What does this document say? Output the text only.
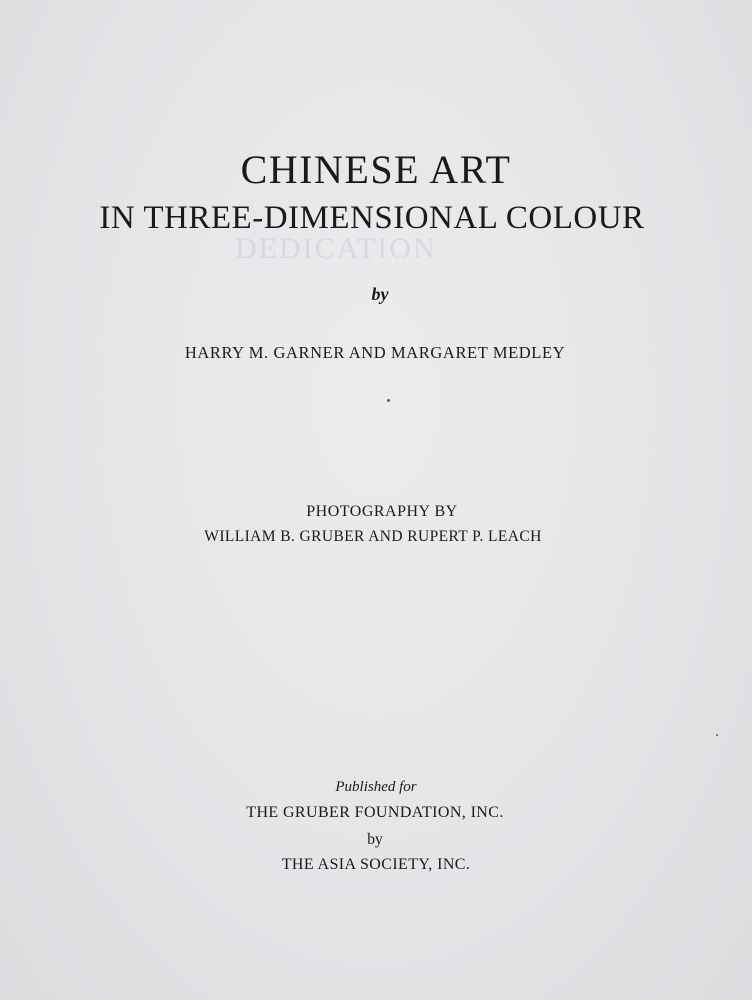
DEDICATION

CHINESE ART
IN THREE-DIMENSIONAL COLOUR
by
HARRY M. GARNER AND MARGARET MEDLEY
PHOTOGRAPHY BY
WILLIAM B. GRUBER AND RUPERT P. LEACH
Published for
THE GRUBER FOUNDATION, INC.
by
THE ASIA SOCIETY, INC.
